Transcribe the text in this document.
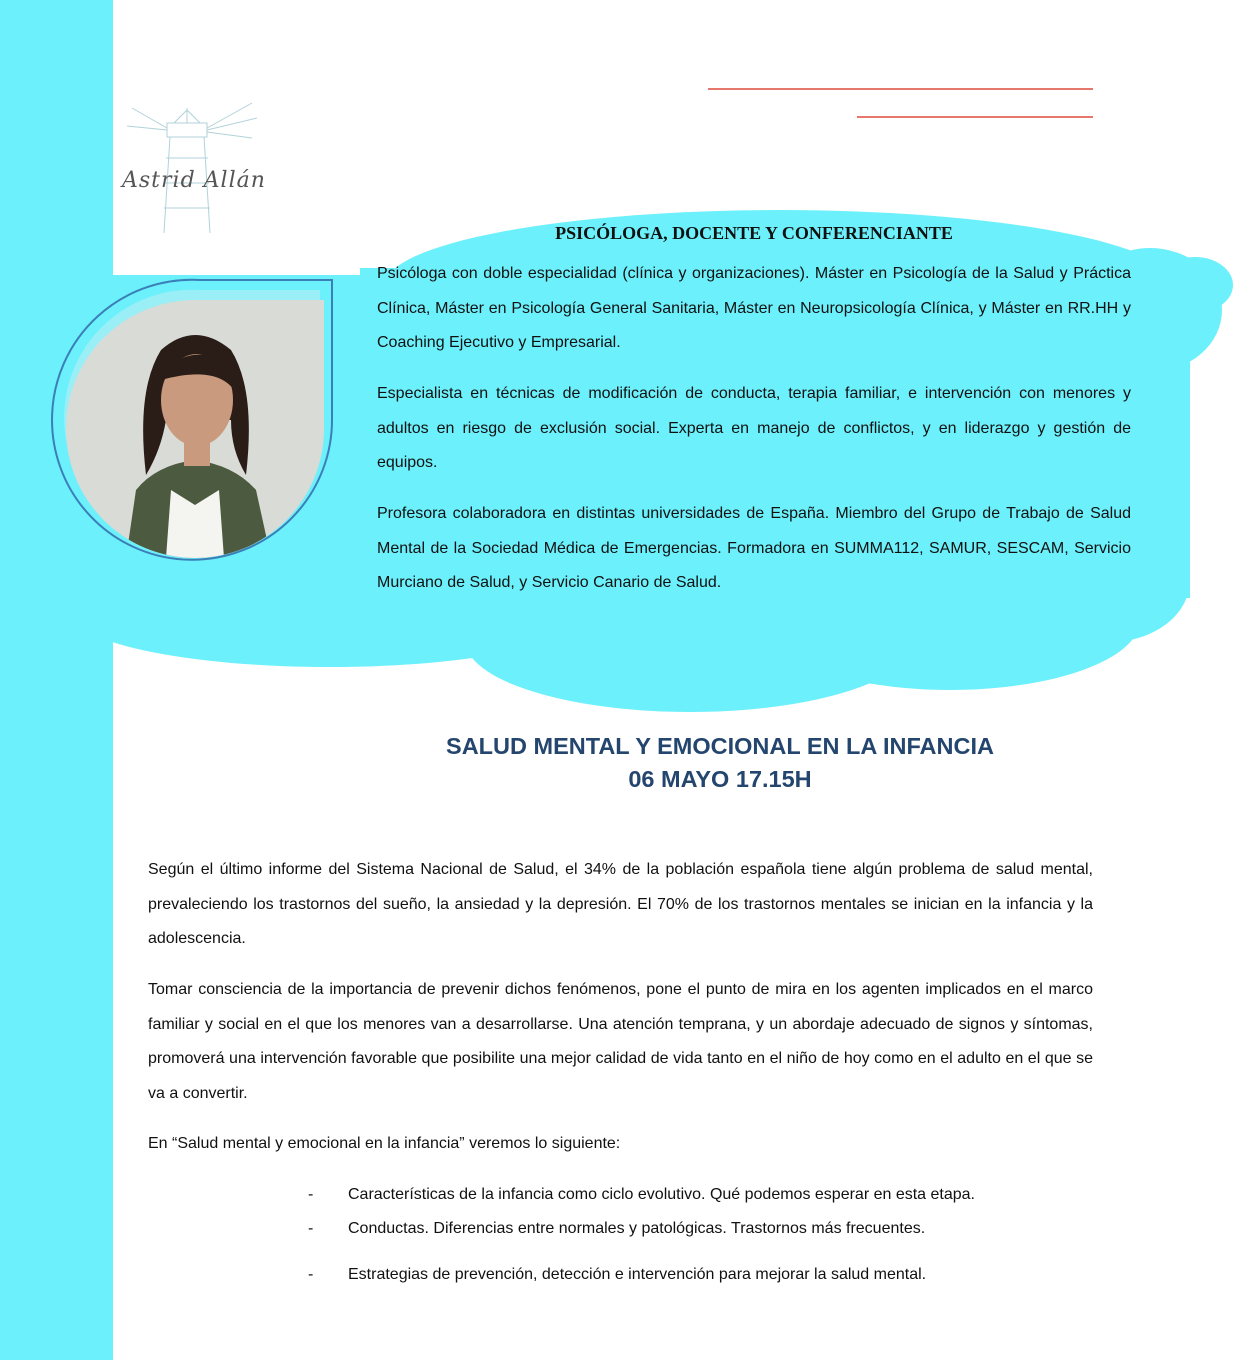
Astrid Allán
PSICÓLOGA, DOCENTE Y CONFERENCIANTE

Psicóloga con doble especialidad (clínica y organizaciones). Máster en Psicología de la Salud y Práctica Clínica, Máster en Psicología General Sanitaria, Máster en Neuropsicología Clínica, y Máster en RR.HH y Coaching Ejecutivo y Empresarial.

Especialista en técnicas de modificación de conducta, terapia familiar, e intervención con menores y adultos en riesgo de exclusión social. Experta en manejo de conflictos, y en liderazgo y gestión de equipos.

Profesora colaboradora en distintas universidades de España. Miembro del Grupo de Trabajo de Salud Mental de la Sociedad Médica de Emergencias. Formadora en SUMMA112, SAMUR, SESCAM, Servicio Murciano de Salud, y Servicio Canario de Salud.

SALUD MENTAL Y EMOCIONAL EN LA INFANCIA
06 MAYO 17.15H

Según el último informe del Sistema Nacional de Salud, el 34% de la población española tiene algún problema de salud mental, prevaleciendo los trastornos del sueño, la ansiedad y la depresión. El 70% de los trastornos mentales se inician en la infancia y la adolescencia.

Tomar consciencia de la importancia de prevenir dichos fenómenos, pone el punto de mira en los agenten implicados en el marco familiar y social en el que los menores van a desarrollarse. Una atención temprana, y un abordaje adecuado de signos y síntomas, promoverá una intervención favorable que posibilite una mejor calidad de vida tanto en el niño de hoy como en el adulto en el que se va a convertir.

En “Salud mental y emocional en la infancia” veremos lo siguiente:

- Características de la infancia como ciclo evolutivo. Qué podemos esperar en esta etapa.
- Conductas. Diferencias entre normales y patológicas. Trastornos más frecuentes.
- Estrategias de prevención, detección e intervención para mejorar la salud mental.
